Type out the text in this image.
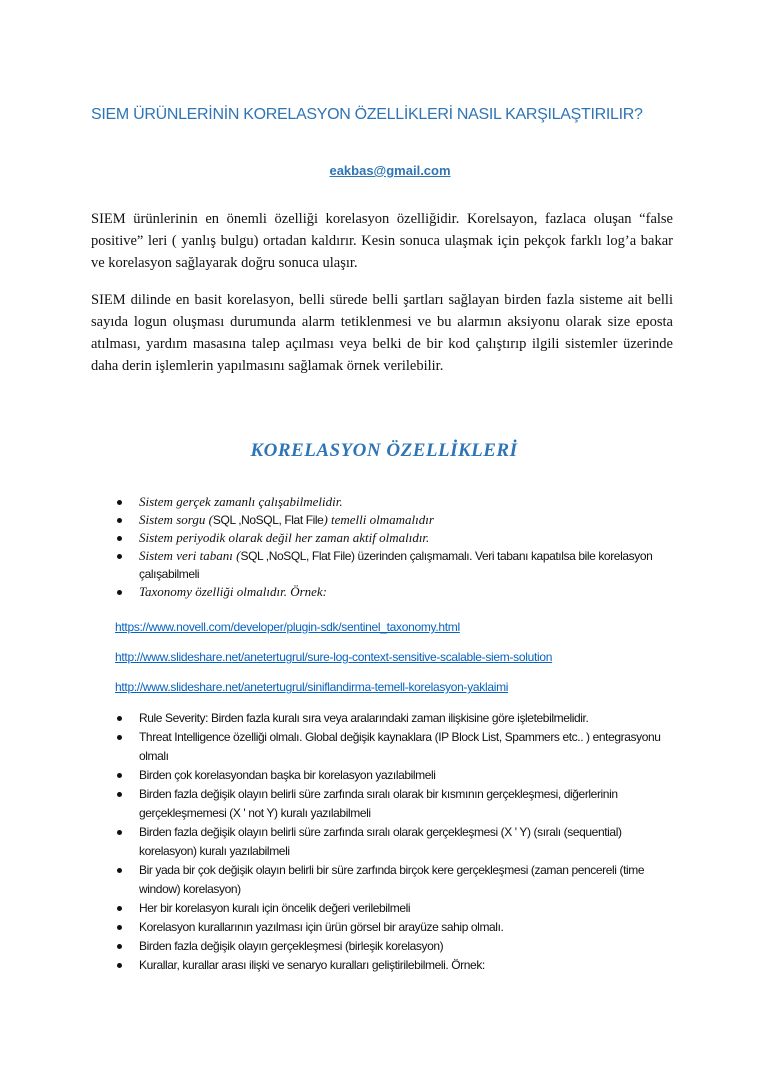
SIEM ÜRÜNLERİNİN KORELASYON ÖZELLİKLERİ NASIL KARŞILAŞTIRILIR?
eakbas@gmail.com

SIEM ürünlerinin en önemli özelliği korelasyon özelliğidir. Korelsayon, fazlaca oluşan “false positive” leri ( yanlış bulgu) ortadan kaldırır. Kesin sonuca ulaşmak için pekçok farklı log’a bakar ve korelasyon sağlayarak doğru sonuca ulaşır.

SIEM dilinde en basit korelasyon, belli sürede belli şartları sağlayan birden fazla sisteme ait belli sayıda logun oluşması durumunda alarm tetiklenmesi ve bu alarmın aksiyonu olarak size eposta atılması, yardım masasına talep açılması veya belki de bir kod çalıştırıp ilgili sistemler üzerinde daha derin işlemlerin yapılmasını sağlamak örnek verilebilir.

KORELASYON ÖZELLİKLERİ
Sistem gerçek zamanlı çalışabilmelidir.
Sistem sorgu (SQL ,NoSQL, Flat File) temelli olmamalıdır
Sistem periyodik olarak değil her zaman aktif olmalıdır.
Sistem veri tabanı (SQL ,NoSQL, Flat File) üzerinden çalışmamalı. Veri tabanı kapatılsa bile korelasyon çalışabilmeli
Taxonomy özelliği olmalıdır. Örnek:
https://www.novell.com/developer/plugin-sdk/sentinel_taxonomy.html
http://www.slideshare.net/anetertugrul/sure-log-context-sensitive-scalable-siem-solution
http://www.slideshare.net/anetertugrul/siniflandirma-temell-korelasyon-yaklaimi
Rule Severity: Birden fazla kuralı sıra veya aralarındaki zaman ilişkisine göre işletebilmelidir.
Threat Intelligence özelliği olmalı. Global değişik kaynaklara (IP Block List, Spammers etc.. ) entegrasyonu olmalı
Birden çok korelasyondan başka bir korelasyon yazılabilmeli
Birden fazla değişik olayın belirli süre zarfında sıralı olarak bir kısmının gerçekleşmesi, diğerlerinin gerçekleşmemesi (X ' not Y) kuralı yazılabilmeli
Birden fazla değişik olayın belirli süre zarfında sıralı olarak gerçekleşmesi (X ' Y) (sıralı (sequential) korelasyon) kuralı yazılabilmeli
Bir yada bir çok değişik olayın belirli bir süre zarfında birçok kere gerçekleşmesi (zaman pencereli (time window) korelasyon)
Her bir korelasyon kuralı için öncelik değeri verilebilmeli
Korelasyon kurallarının yazılması için ürün görsel bir arayüze sahip olmalı.
Birden fazla değişik olayın gerçekleşmesi (birleşik korelasyon)
Kurallar, kurallar arası ilişki ve senaryo kuralları geliştirilebilmeli. Örnek:
